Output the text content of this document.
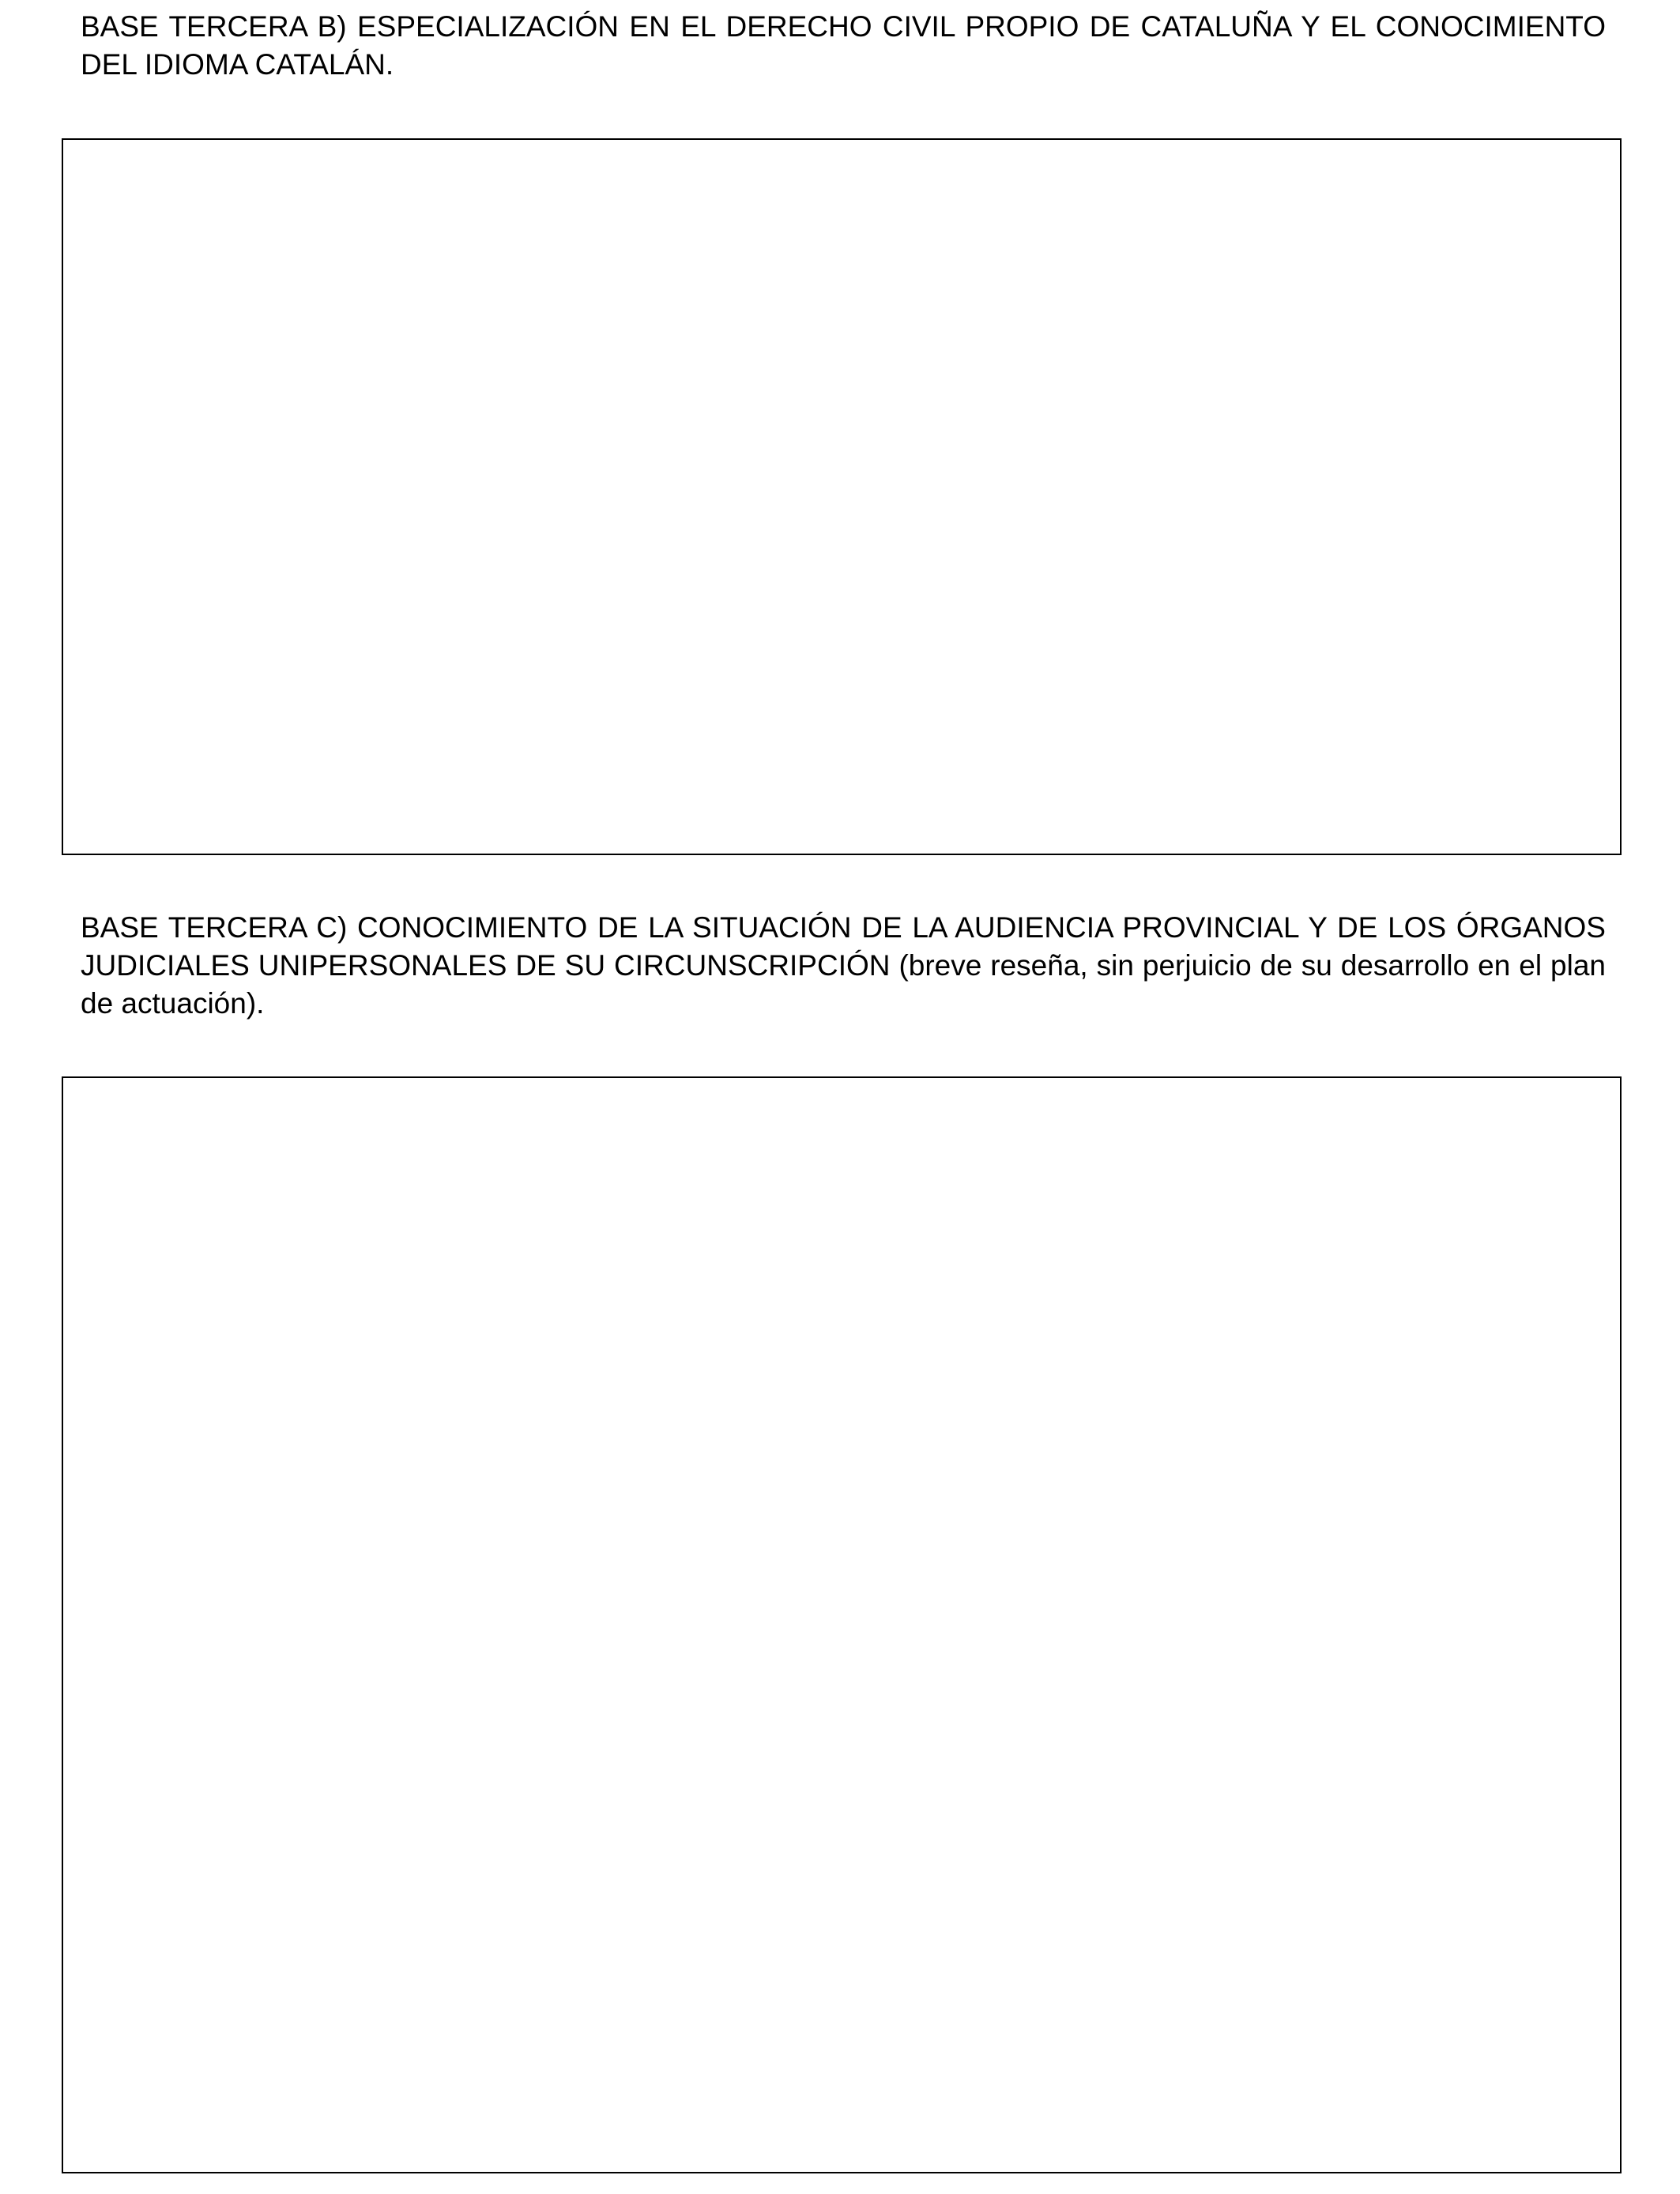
BASE TERCERA B) ESPECIALIZACIÓN EN EL DERECHO CIVIL PROPIO DE CATALUÑA Y EL CONOCIMIENTO DEL IDIOMA CATALÁN.

BASE TERCERA C) CONOCIMIENTO DE LA SITUACIÓN DE LA AUDIENCIA PROVINCIAL Y DE LOS ÓRGANOS JUDICIALES UNIPERSONALES DE SU CIRCUNSCRIPCIÓN (breve reseña, sin perjuicio de su desarrollo en el plan de actuación).
